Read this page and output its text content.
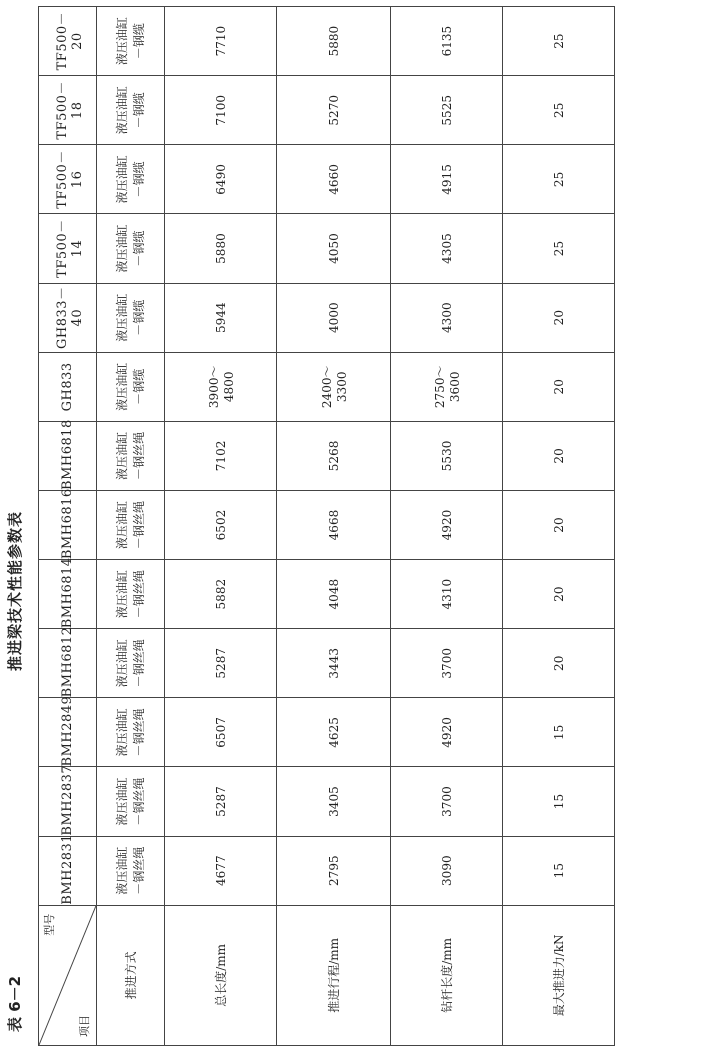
表 6－2
推进梁技术性能参数表
型号
项目	BMH2831	BMH2837	BMH2849	BMH6812	BMH6814	BMH6816	BMH6818	GH833	GH833－40	TF500－14	TF500－16	TF500－18	TF500－20
推进方式	液压油缸 －钢丝绳	液压油缸 －钢丝绳	液压油缸 －钢丝绳	液压油缸 －钢丝绳	液压油缸 －钢丝绳	液压油缸 －钢丝绳	液压油缸 －钢丝绳	液压油缸 －钢缆	液压油缸 －钢缆	液压油缸 －钢缆	液压油缸 －钢缆	液压油缸 －钢缆	液压油缸 －钢缆

总长度/mm	4677	5287	6507	5287	5882	6502	7102	3900～4800	5944	5880	6490	7100	7710
推进行程/mm	2795	3405	4625	3443	4048	4668	5268	2400～3300	4000	4050	4660	5270	5880
钻杆长度/mm	3090	3700	4920	3700	4310	4920	5530	2750～3600	4300	4305	4915	5525	6135
最大推进力/kN	15	15	15	20	20	20	20	20	20	25	25	25	25
